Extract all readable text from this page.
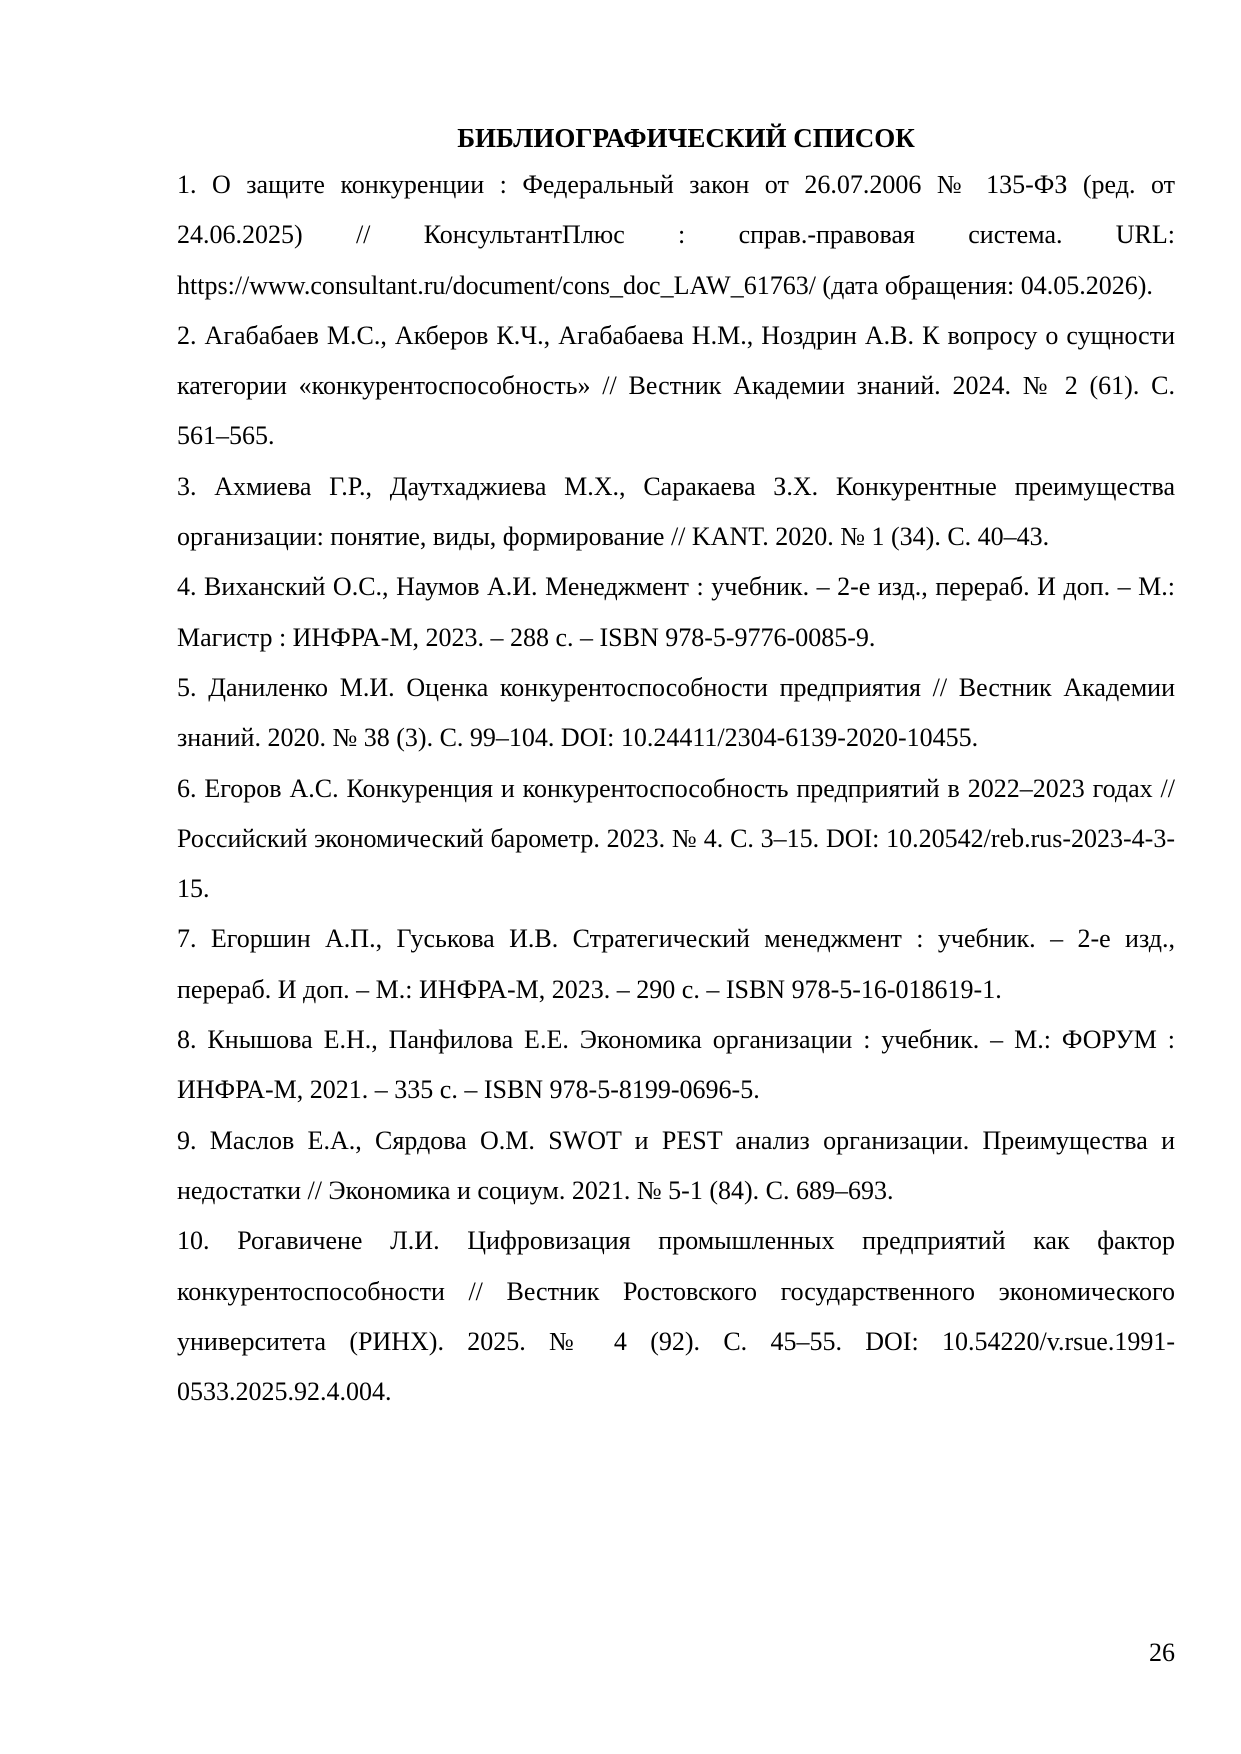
БИБЛИОГРАФИЧЕСКИЙ СПИСОК
1. О защите конкуренции : Федеральный закон от 26.07.2006 № 135-ФЗ (ред. от 24.06.2025) // КонсультантПлюс : справ.-правовая система. URL: https://www.consultant.ru/document/cons_doc_LAW_61763/ (дата обращения: 04.05.2026).
2. Агабабаев М.С., Акберов К.Ч., Агабабаева Н.М., Ноздрин А.В. К вопросу о сущности категории «конкурентоспособность» // Вестник Академии знаний. 2024. № 2 (61). С. 561–565.
3. Ахмиева Г.Р., Даутхаджиева М.Х., Саракаева З.Х. Конкурентные преимущества организации: понятие, виды, формирование // KANT. 2020. № 1 (34). С. 40–43.
4. Виханский О.С., Наумов А.И. Менеджмент : учебник. – 2-е изд., перераб. И доп. – М.: Магистр : ИНФРА-М, 2023. – 288 с. – ISBN 978-5-9776-0085-9.
5. Даниленко М.И. Оценка конкурентоспособности предприятия // Вестник Академии знаний. 2020. № 38 (3). С. 99–104. DOI: 10.24411/2304-6139-2020-10455.
6. Егоров А.С. Конкуренция и конкурентоспособность предприятий в 2022–2023 годах // Российский экономический барометр. 2023. № 4. С. 3–15. DOI: 10.20542/reb.rus-2023-4-3-15.
7. Егоршин А.П., Гуськова И.В. Стратегический менеджмент : учебник. – 2-е изд., перераб. И доп. – М.: ИНФРА-М, 2023. – 290 с. – ISBN 978-5-16-018619-1.
8. Кнышова Е.Н., Панфилова Е.Е. Экономика организации : учебник. – М.: ФОРУМ : ИНФРА-М, 2021. – 335 с. – ISBN 978-5-8199-0696-5.
9. Маслов Е.А., Сярдова О.М. SWOT и PEST анализ организации. Преимущества и недостатки // Экономика и социум. 2021. № 5-1 (84). С. 689–693.
10. Рогавичене Л.И. Цифровизация промышленных предприятий как фактор конкурентоспособности // Вестник Ростовского государственного экономического университета (РИНХ). 2025. № 4 (92). С. 45–55. DOI: 10.54220/v.rsue.1991-0533.2025.92.4.004.
26
